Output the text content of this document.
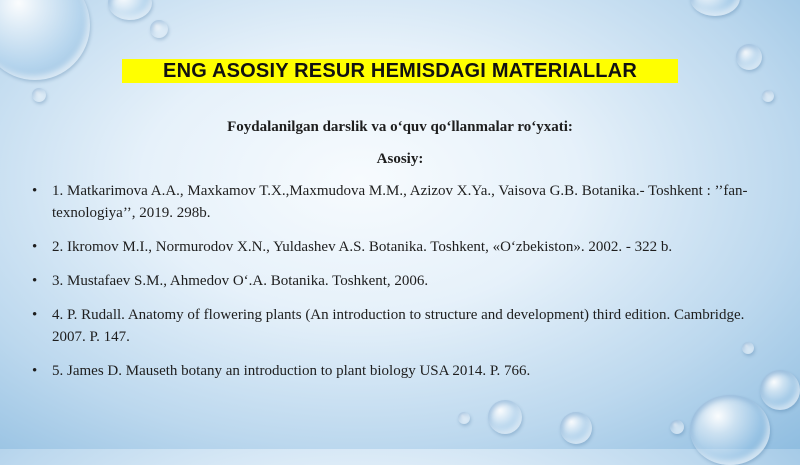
ENG ASOSIY RESUR HEMISDAGI MATERIALLAR
Foydalanilgan darslik va o‘quv qo‘llanmalar ro‘yxati:
Asosiy:
• 1. Matkarimova A.A., Maxkamov T.X.,Maxmudova M.M., Azizov X.Ya., Vaisova G.B. Botanika.- Toshkent : ’’fan-texnologiya’’, 2019. 298b.
• 2. Ikromov M.I., Normurodov X.N., Yuldashev A.S. Botanika. Toshkent, «O‘zbekiston». 2002. - 322 b.
• 3. Mustafaev S.M., Ahmedov O‘.A. Botanika. Toshkent, 2006.
• 4. P. Rudall. Anatomy of flowering plants (An introduction to structure and development) third edition. Cambridge. 2007. P. 147.
• 5. James D. Mauseth botany an introduction to plant biology USA 2014. P. 766.
